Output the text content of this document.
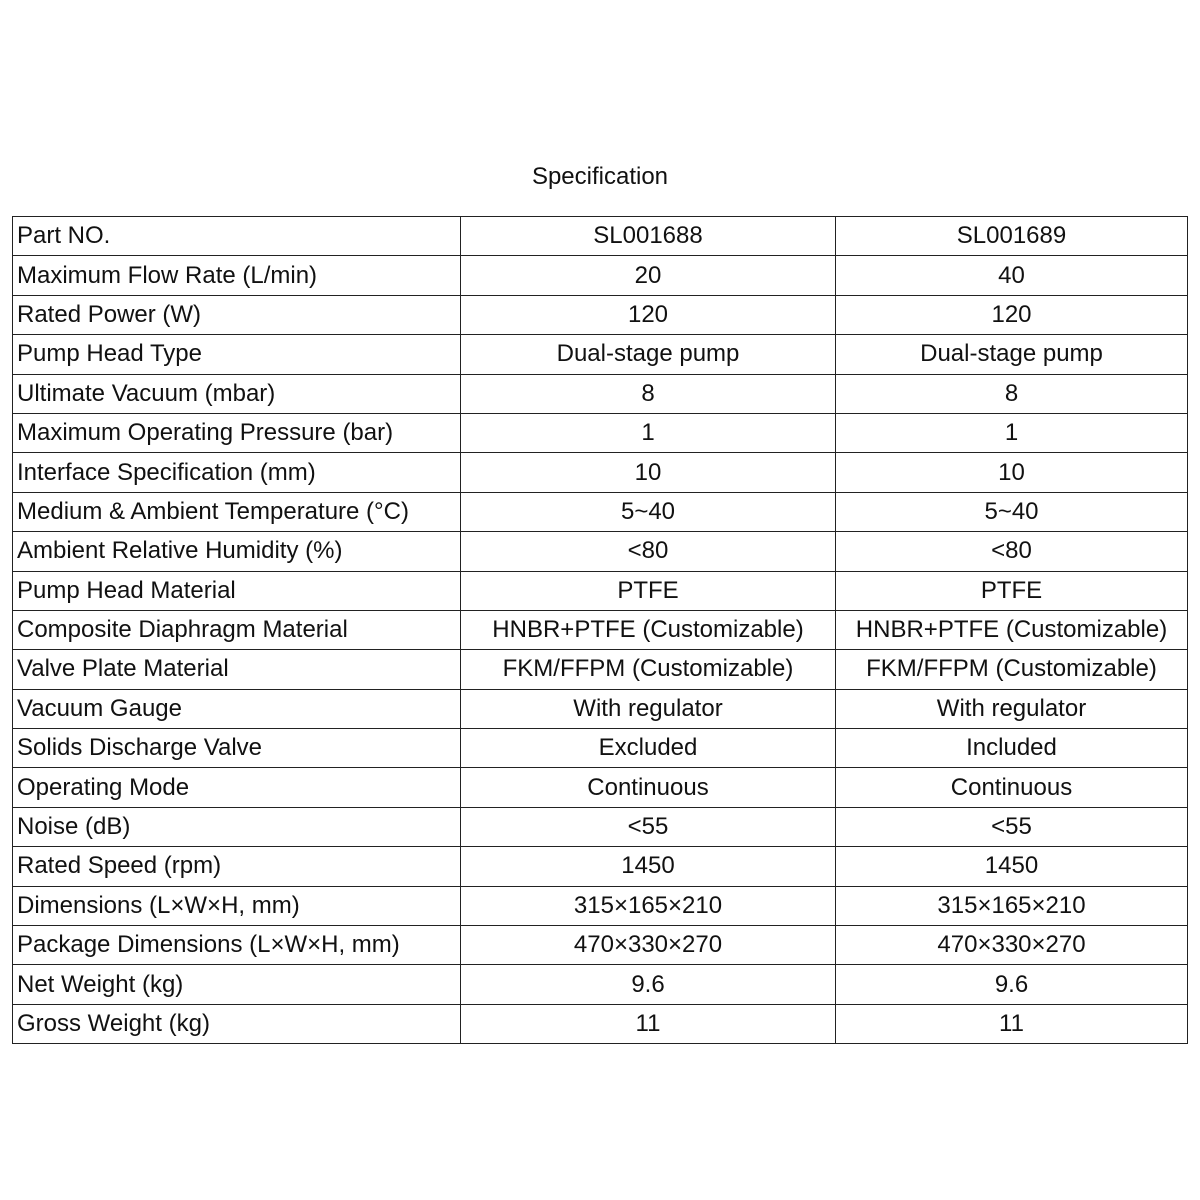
Specification
Part NO.	SL001688	SL001689
Maximum Flow Rate (L/min)	20	40
Rated Power (W)	120	120
Pump Head Type	Dual-stage pump	Dual-stage pump
Ultimate Vacuum (mbar)	8	8
Maximum Operating Pressure (bar)	1	1
Interface Specification (mm)	10	10
Medium & Ambient Temperature (°C)	5~40	5~40
Ambient Relative Humidity (%)	<80	<80
Pump Head Material	PTFE	PTFE
Composite Diaphragm Material	HNBR+PTFE (Customizable)	HNBR+PTFE (Customizable)
Valve Plate Material	FKM/FFPM (Customizable)	FKM/FFPM (Customizable)
Vacuum Gauge	With regulator	With regulator
Solids Discharge Valve	Excluded	Included
Operating Mode	Continuous	Continuous
Noise (dB)	<55	<55
Rated Speed (rpm)	1450	1450
Dimensions (L×W×H, mm)	315×165×210	315×165×210
Package Dimensions (L×W×H, mm)	470×330×270	470×330×270
Net Weight (kg)	9.6	9.6
Gross Weight (kg)	11	11
